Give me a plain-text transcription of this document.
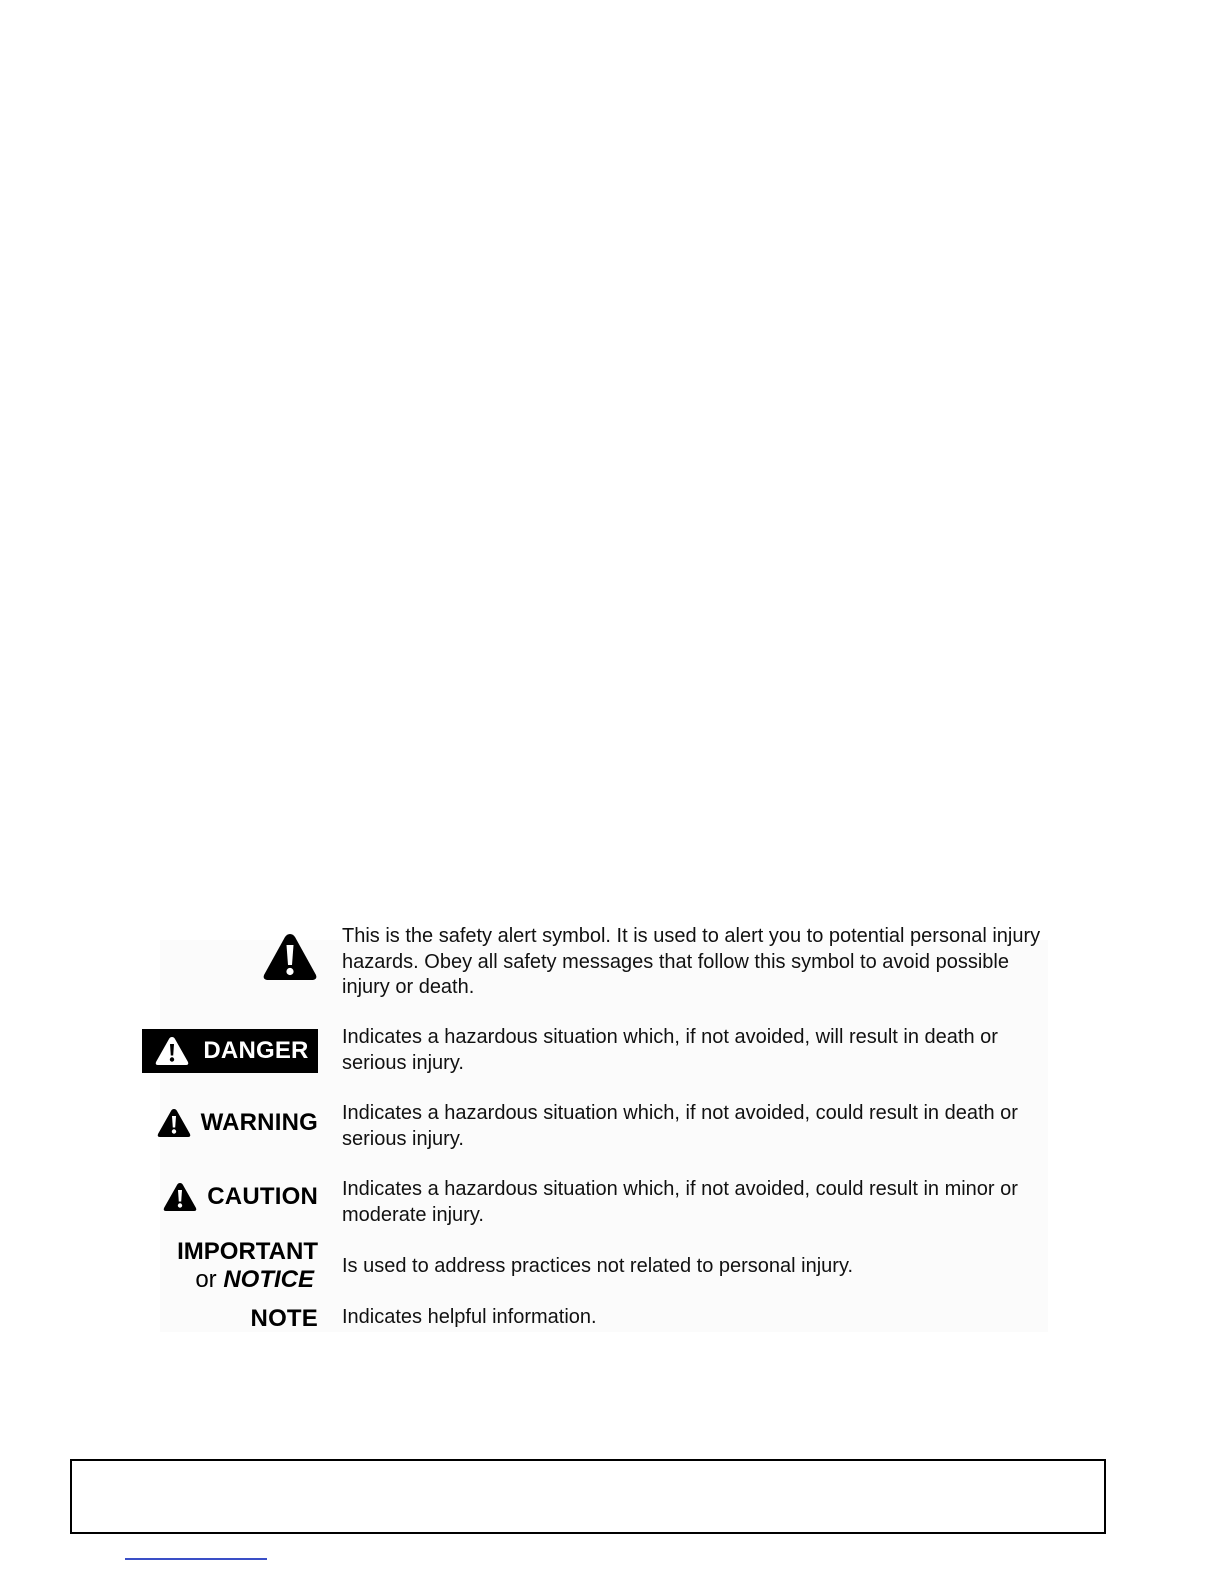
This is the safety alert symbol. It is used to alert you to potential personal injury hazards. Obey all safety messages that follow this symbol to avoid possible injury or death.
DANGER Indicates a hazardous situation which, if not avoided, will result in death or serious injury.
WARNING Indicates a hazardous situation which, if not avoided, could result in death or serious injury.
CAUTION Indicates a hazardous situation which, if not avoided, could result in minor or moderate injury.
IMPORTANT
or NOTICE Is used to address practices not related to personal injury.
NOTE Indicates helpful information.
